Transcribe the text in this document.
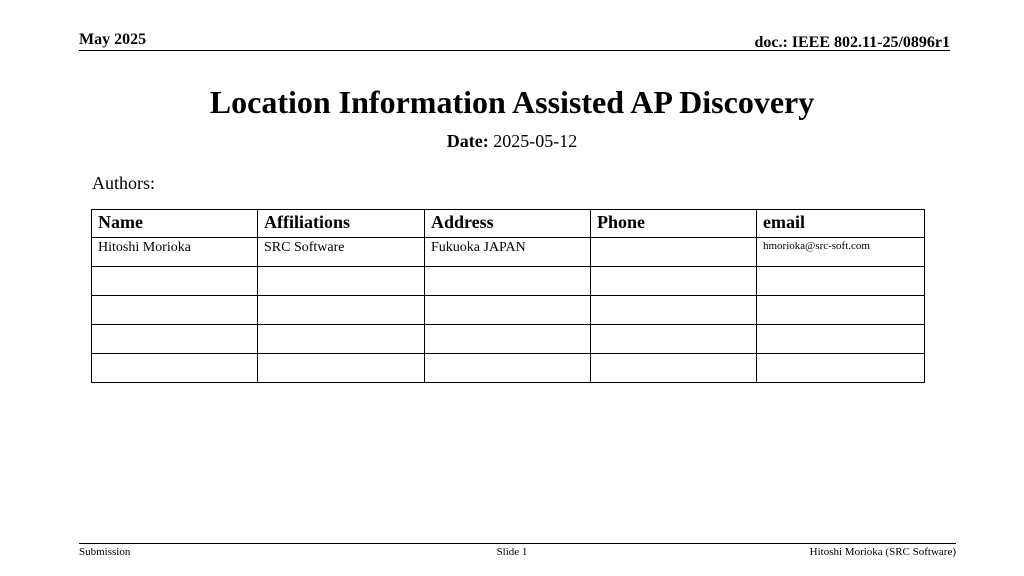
May 2025	doc.: IEEE 802.11-25/0896r1
Location Information Assisted AP Discovery
Date: 2025-05-12
Authors:
Name	Affiliations	Address	Phone	email
Hitoshi Morioka	SRC Software	Fukuoka JAPAN		hmorioka@src-soft.com

Submission	Slide 1	Hitoshi Morioka (SRC Software)
